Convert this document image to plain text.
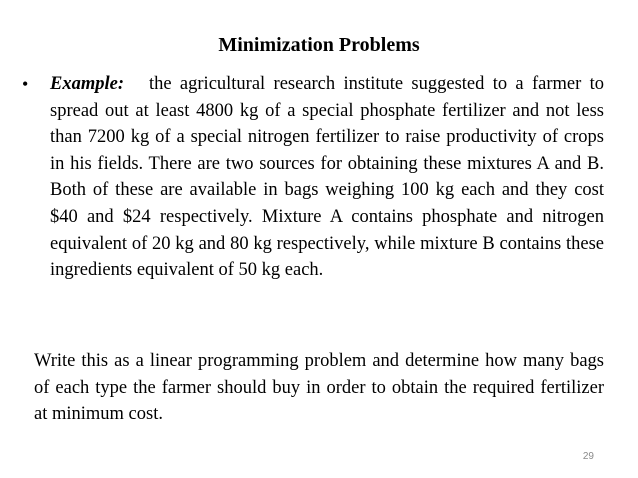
Minimization Problems
• Example: the agricultural research institute suggested to a farmer to spread out at least 4800 kg of a special phosphate fertilizer and not less than 7200 kg of a special nitrogen fertilizer to raise productivity of crops in his fields. There are two sources for obtaining these mixtures A and B. Both of these are available in bags weighing 100 kg each and they cost $40 and $24 respectively. Mixture A contains phosphate and nitrogen equivalent of 20 kg and 80 kg respectively, while mixture B contains these ingredients equivalent of 50 kg each.
Write this as a linear programming problem and determine how many bags of each type the farmer should buy in order to obtain the required fertilizer at minimum cost.
29
